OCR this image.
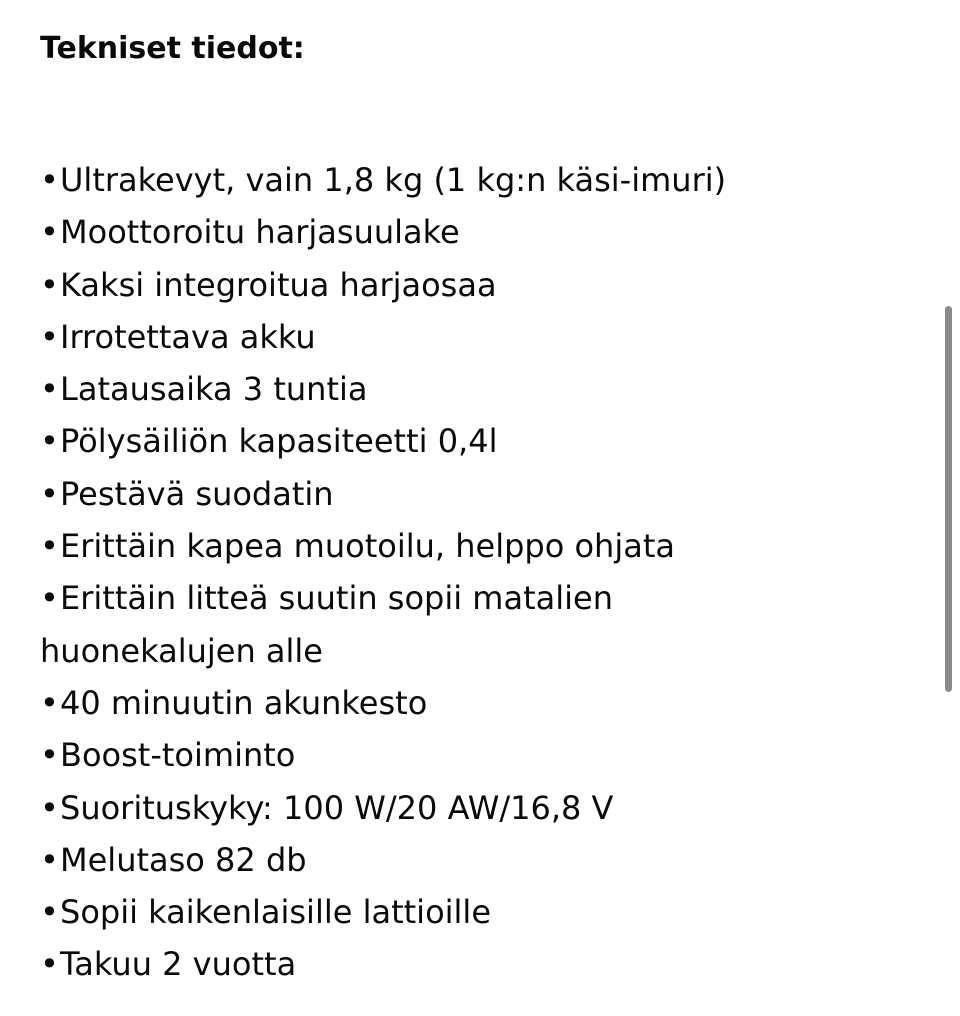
Tekniset tiedot:
•Ultrakevyt, vain 1,8 kg (1 kg:n käsi-imuri)
•Moottoroitu harjasuulake
•Kaksi integroitua harjaosaa
•Irrotettava akku
•Latausaika 3 tuntia
•Pölysäiliön kapasiteetti 0,4l
•Pestävä suodatin
•Erittäin kapea muotoilu, helppo ohjata
•Erittäin litteä suutin sopii matalien huonekalujen alle
•40 minuutin akunkesto
•Boost-toiminto
•Suorituskyky: 100 W/20 AW/16,8 V
•Melutaso 82 db
•Sopii kaikenlaisille lattioille
•Takuu 2 vuotta
